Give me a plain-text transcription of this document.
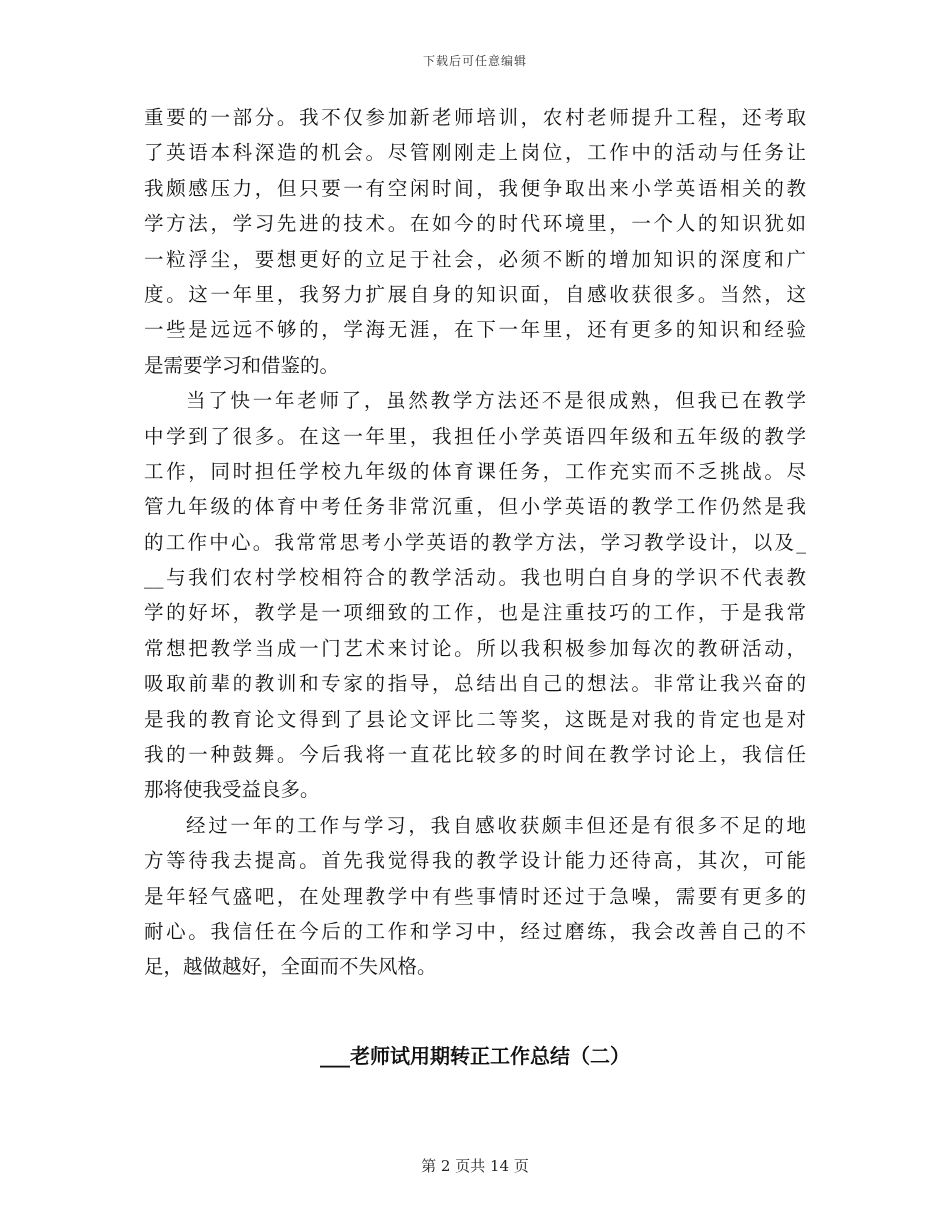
下载后可任意编辑
重要的一部分。我不仅参加新老师培训，农村老师提升工程，还考取
了英语本科深造的机会。尽管刚刚走上岗位，工作中的活动与任务让
我颇感压力，但只要一有空闲时间，我便争取出来小学英语相关的教
学方法，学习先进的技术。在如今的时代环境里，一个人的知识犹如
一粒浮尘，要想更好的立足于社会，必须不断的增加知识的深度和广
度。这一年里，我努力扩展自身的知识面，自感收获很多。当然，这
一些是远远不够的，学海无涯，在下一年里，还有更多的知识和经验
是需要学习和借鉴的。
当了快一年老师了，虽然教学方法还不是很成熟，但我已在教学
中学到了很多。在这一年里，我担任小学英语四年级和五年级的教学
工作，同时担任学校九年级的体育课任务，工作充实而不乏挑战。尽
管九年级的体育中考任务非常沉重，但小学英语的教学工作仍然是我
的工作中心。我常常思考小学英语的教学方法，学习教学设计，以及_
__与我们农村学校相符合的教学活动。我也明白自身的学识不代表教
学的好坏，教学是一项细致的工作，也是注重技巧的工作，于是我常
常想把教学当成一门艺术来讨论。所以我积极参加每次的教研活动，
吸取前辈的教训和专家的指导，总结出自己的想法。非常让我兴奋的
是我的教育论文得到了县论文评比二等奖，这既是对我的肯定也是对
我的一种鼓舞。今后我将一直花比较多的时间在教学讨论上，我信任
那将使我受益良多。
经过一年的工作与学习，我自感收获颇丰但还是有很多不足的地
方等待我去提高。首先我觉得我的教学设计能力还待高，其次，可能
是年轻气盛吧，在处理教学中有些事情时还过于急噪，需要有更多的
耐心。我信任在今后的工作和学习中，经过磨练，我会改善自己的不
足，越做越好，全面而不失风格。
___老师试用期转正工作总结（二）
第 2 页共 14 页
